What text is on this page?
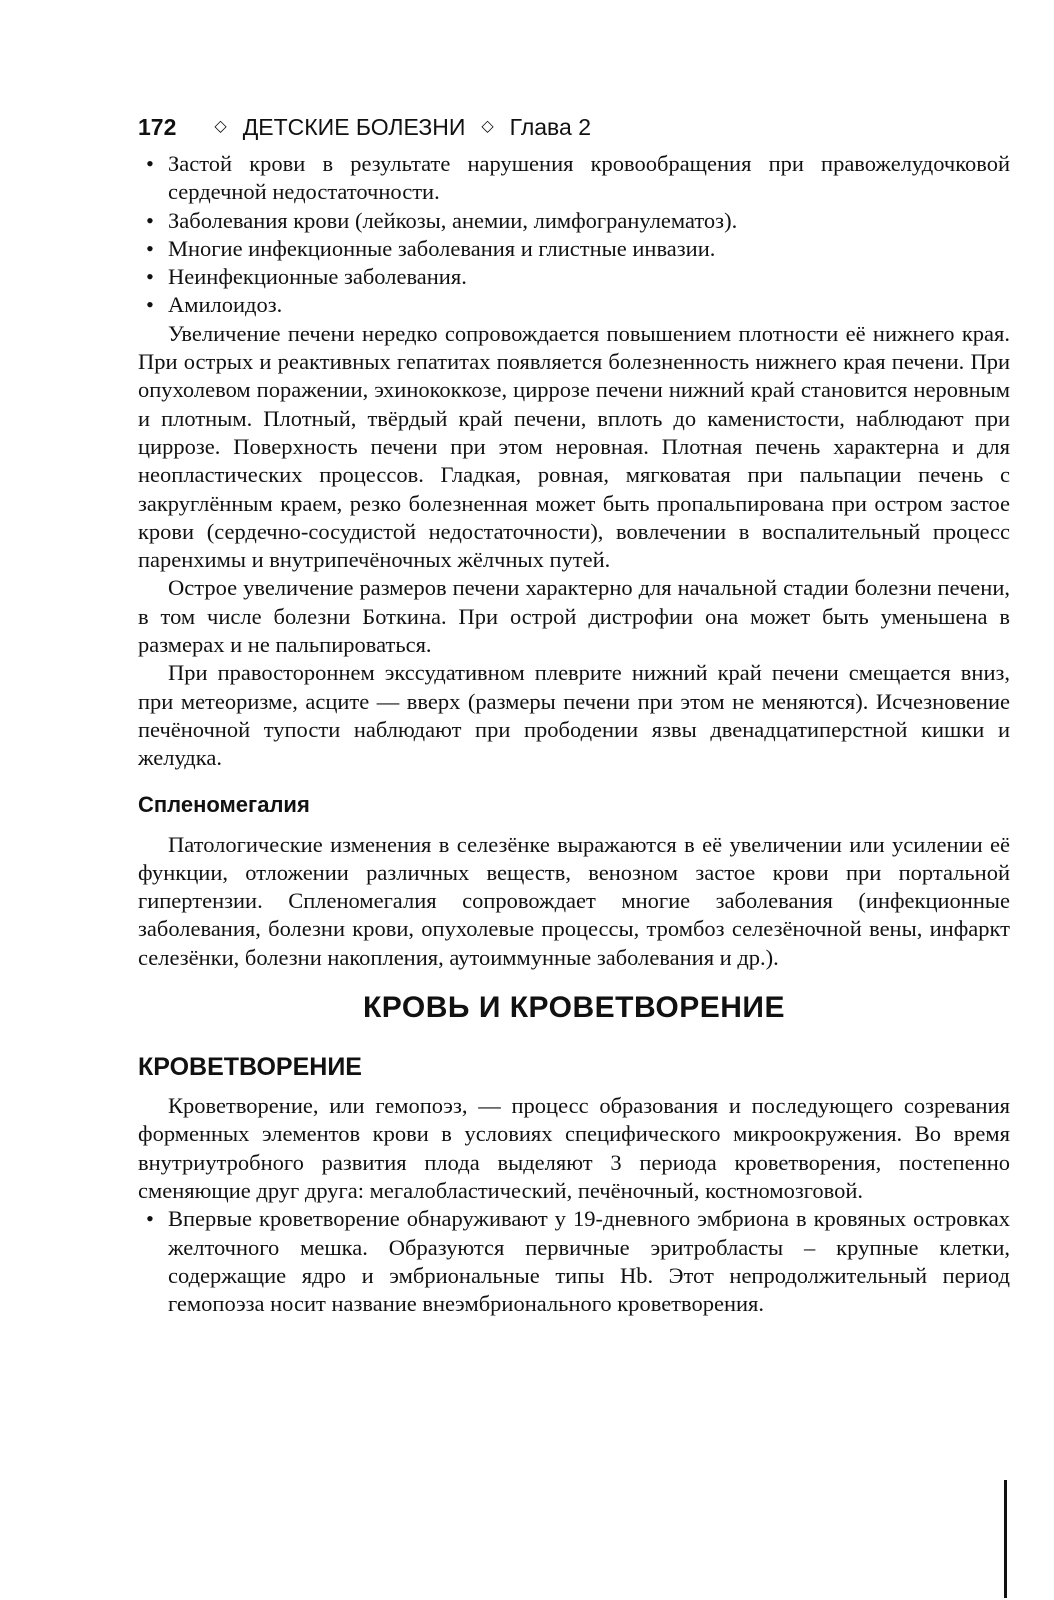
172 ◇ ДЕТСКИЕ БОЛЕЗНИ ◇ Глава 2
• Застой крови в результате нарушения кровообращения при правожелудочковой сердечной недостаточности.
• Заболевания крови (лейкозы, анемии, лимфогранулематоз).
• Многие инфекционные заболевания и глистные инвазии.
• Неинфекционные заболевания.
• Амилоидоз.

Увеличение печени нередко сопровождается повышением плотности её нижнего края. При острых и реактивных гепатитах появляется болезненность нижнего края печени. При опухолевом поражении, эхинококкозе, циррозе печени нижний край становится неровным и плотным. Плотный, твёрдый край печени, вплоть до каменистости, наблюдают при циррозе. Поверхность печени при этом неровная. Плотная печень характерна и для неопластических процессов. Гладкая, ровная, мягковатая при пальпации печень с закруглённым краем, резко болезненная может быть пропальпирована при остром застое крови (сердечно-сосудистой недостаточности), вовлечении в воспалительный процесс паренхимы и внутрипечёночных жёлчных путей.

Острое увеличение размеров печени характерно для начальной стадии болезни печени, в том числе болезни Боткина. При острой дистрофии она может быть уменьшена в размерах и не пальпироваться.

При правостороннем экссудативном плеврите нижний край печени смещается вниз, при метеоризме, асците — вверх (размеры печени при этом не меняются). Исчезновение печёночной тупости наблюдают при прободении язвы двенадцатиперстной кишки и желудка.

Спленомегалия

Патологические изменения в селезёнке выражаются в её увеличении или усилении её функции, отложении различных веществ, венозном застое крови при портальной гипертензии. Спленомегалия сопровождает многие заболевания (инфекционные заболевания, болезни крови, опухолевые процессы, тромбоз селезёночной вены, инфаркт селезёнки, болезни накопления, аутоиммунные заболевания и др.).

КРОВЬ И КРОВЕТВОРЕНИЕ
КРОВЕТВОРЕНИЕ

Кроветворение, или гемопоэз, — процесс образования и последующего созревания форменных элементов крови в условиях специфического микроокружения. Во время внутриутробного развития плода выделяют 3 периода кроветворения, постепенно сменяющие друг друга: мегалобластический, печёночный, костномозговой.

• Впервые кроветворение обнаруживают у 19-дневного эмбриона в кровяных островках желточного мешка. Образуются первичные эритробласты – крупные клетки, содержащие ядро и эмбриональные типы Hb. Этот непродолжительный период гемопоэза носит название внеэмбрионального кроветворения.
